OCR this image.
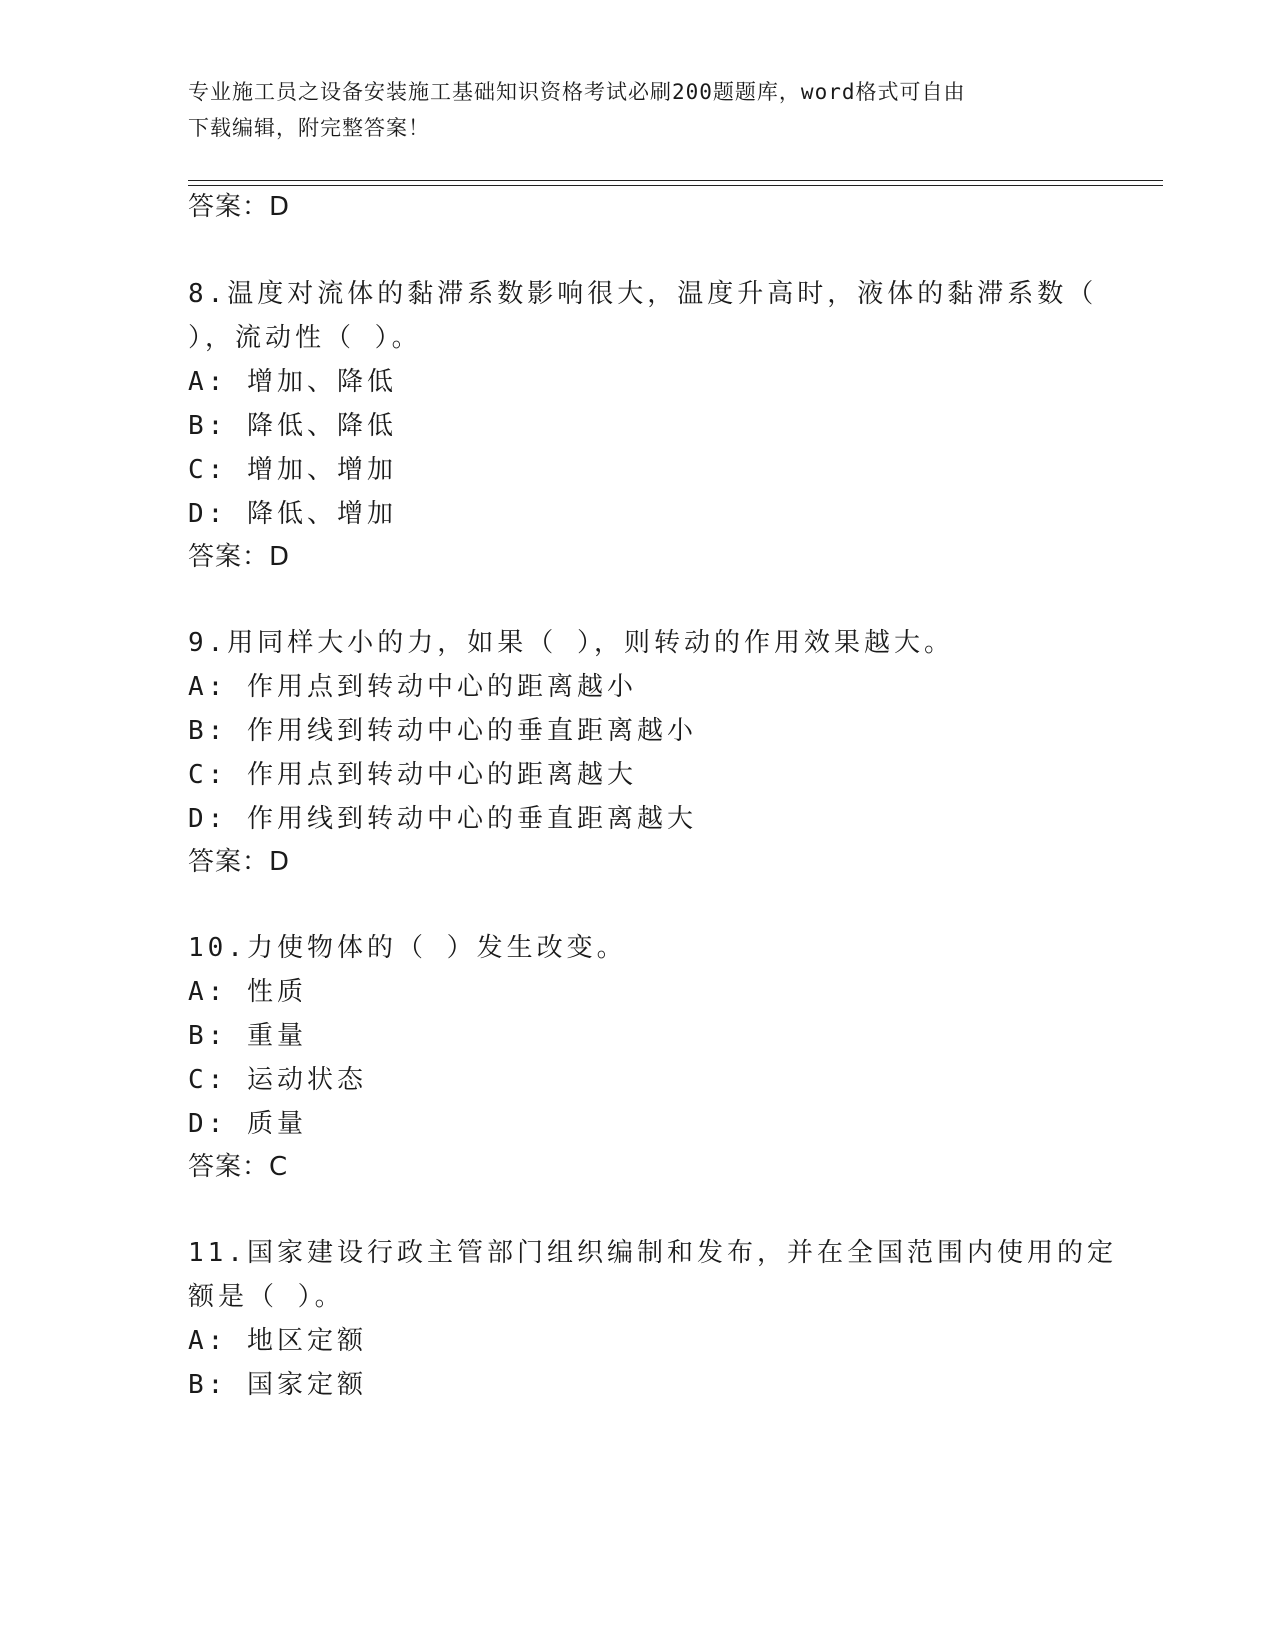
专业施工员之设备安装施工基础知识资格考试必刷200题题库，word格式可自由
下载编辑，附完整答案！
答案：D
8.温度对流体的黏滞系数影响很大，温度升高时，液体的黏滞系数（
），流动性（ ）。
A: 增加、降低
B: 降低、降低
C: 增加、增加
D: 降低、增加
答案：D
9.用同样大小的力，如果（ ），则转动的作用效果越大。
A: 作用点到转动中心的距离越小
B: 作用线到转动中心的垂直距离越小
C: 作用点到转动中心的距离越大
D: 作用线到转动中心的垂直距离越大
答案：D
10.力使物体的（ ）发生改变。
A: 性质
B: 重量
C: 运动状态
D: 质量
答案：C
11.国家建设行政主管部门组织编制和发布，并在全国范围内使用的定
额是（ ）。
A: 地区定额
B: 国家定额
